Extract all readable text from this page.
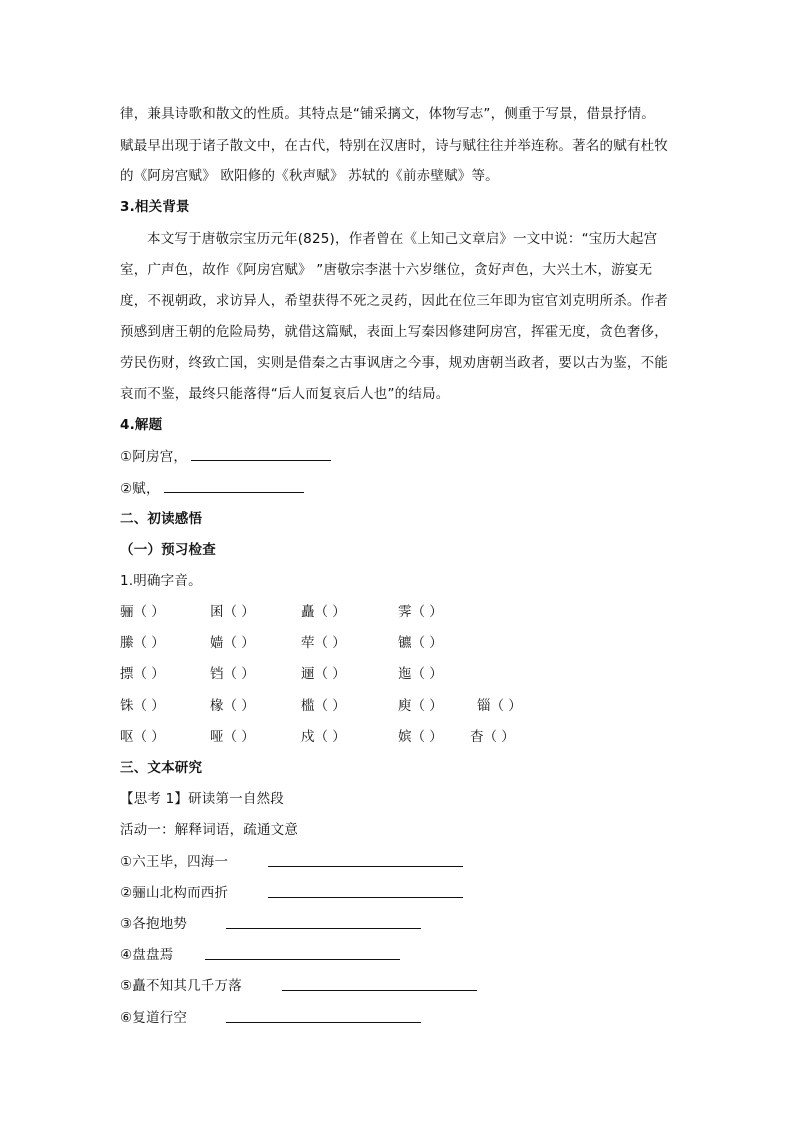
律，兼具诗歌和散文的性质。其特点是“铺采摛文，体物写志”，侧重于写景，借景抒情。
赋最早出现于诸子散文中，在古代，特别在汉唐时，诗与赋往往并举连称。著名的赋有杜牧
的《阿房宫赋》 欧阳修的《秋声赋》 苏轼的《前赤壁赋》等。
3.相关背景
本文写于唐敬宗宝历元年(825)，作者曾在《上知己文章启》一文中说：“宝历大起宫
室，广声色，故作《阿房宫赋》 ”唐敬宗李湛十六岁继位，贪好声色，大兴土木，游宴无
度，不视朝政，求访异人，希望获得不死之灵药，因此在位三年即为宦官刘克明所杀。作者
预感到唐王朝的危险局势，就借这篇赋，表面上写秦因修建阿房宫，挥霍无度，贪色奢侈，
劳民伤财，终致亡国，实则是借秦之古事讽唐之今事，规劝唐朝当政者，要以古为鉴，不能
哀而不鉴，最终只能落得“后人而复哀后人也”的结局。
4.解题
①阿房宫，
②赋，
二、初读感悟
（一）预习检查
1.明确字音。
骊（ ）	囷（ ）	矗（ ）	霁（ ）
縢（ ）	嫱（ ）	荦（ ）	镳（ ）
摽（ ）	铛（ ）	逦（ ）	迤（ ）
铢（ ）	椽（ ）	槛（ ）	庾（ ）	锱（ ）
呕（ ）	哑（ ）	戍（ ）	嫔（ ） 杳（ ）
三、文本研究
【思考 1】研读第一自然段
活动一：解释词语，疏通文意
①六王毕，四海一
②骊山北构而西折
③各抱地势
④盘盘焉
⑤矗不知其几千万落
⑥复道行空
